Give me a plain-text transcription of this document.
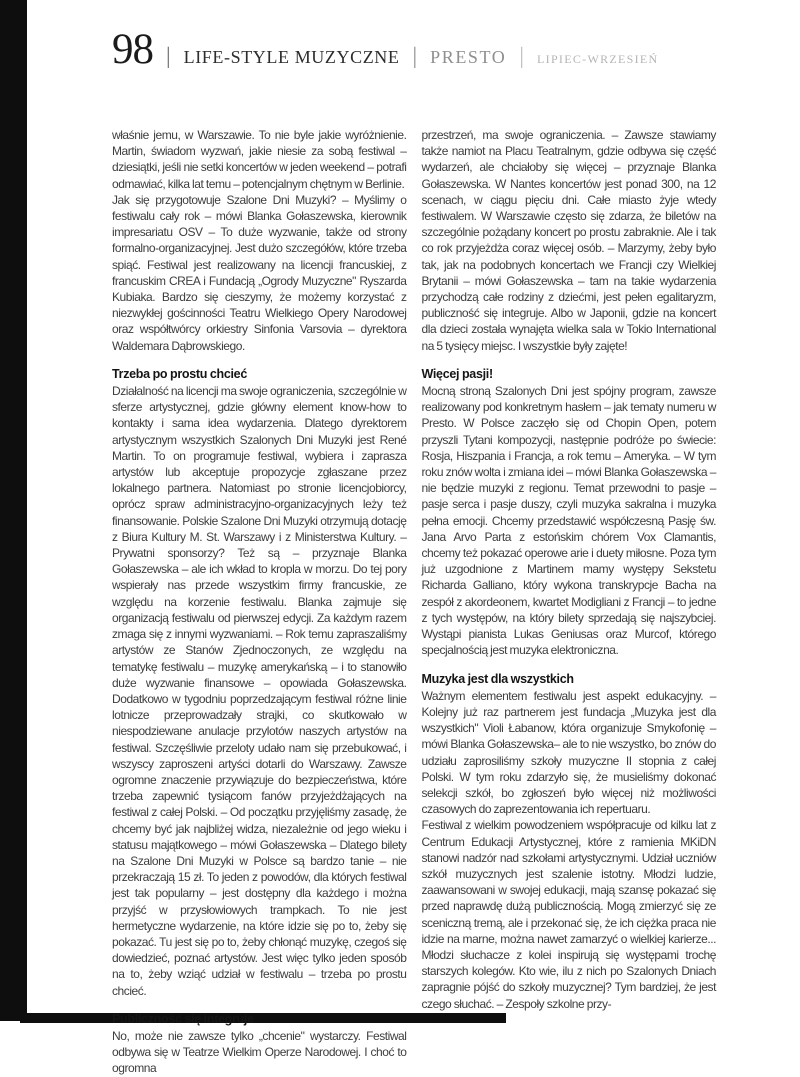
98 | LIFE-STYLE MUZYCZNE | PRESTO | LIPIEC-WRZESIEŃ

właśnie jemu, w Warszawie. To nie byle jakie wyróżnienie. Martin, świadom wyzwań, jakie niesie za sobą festiwal – dziesiątki, jeśli nie setki koncertów w jeden weekend – potrafi odmawiać, kilka lat temu – potencjalnym chętnym w Berlinie.

Jak się przygotowuje Szalone Dni Muzyki? – Myślimy o festiwalu cały rok – mówi Blanka Gołaszewska, kierownik impresariatu OSV – To duże wyzwanie, także od strony formalno-organizacyjnej. Jest dużo szczegółów, które trzeba spiąć. Festiwal jest realizowany na licencji francuskiej, z francuskim CREA i Fundacją „Ogrody Muzyczne" Ryszarda Kubiaka. Bardzo się cieszymy, że możemy korzystać z niezwykłej gościnności Teatru Wielkiego Opery Narodowej oraz współtwórcy orkiestry Sinfonia Varsovia – dyrektora Waldemara Dąbrowskiego.

Trzeba po prostu chcieć

Działalność na licencji ma swoje ograniczenia, szczególnie w sferze artystycznej, gdzie główny element know-how to kontakty i sama idea wydarzenia. Dlatego dyrektorem artystycznym wszystkich Szalonych Dni Muzyki jest René Martin. To on programuje festiwal, wybiera i zaprasza artystów lub akceptuje propozycje zgłaszane przez lokalnego partnera. Natomiast po stronie licencjobiorcy, oprócz spraw administracyjno-organizacyjnych leży też finansowanie. Polskie Szalone Dni Muzyki otrzymują dotację z Biura Kultury M. St. Warszawy i z Ministerstwa Kultury. – Prywatni sponsorzy? Też są – przyznaje Blanka Gołaszewska – ale ich wkład to kropla w morzu. Do tej pory wspierały nas przede wszystkim firmy francuskie, ze względu na korzenie festiwalu. Blanka zajmuje się organizacją festiwalu od pierwszej edycji. Za każdym razem zmaga się z innymi wyzwaniami. – Rok temu zapraszaliśmy artystów ze Stanów Zjednoczonych, ze względu na tematykę festiwalu – muzykę amerykańską – i to stanowiło duże wyzwanie finansowe – opowiada Gołaszewska. Dodatkowo w tygodniu poprzedzającym festiwal różne linie lotnicze przeprowadzały strajki, co skutkowało w niespodziewane anulacje przylotów naszych artystów na festiwal. Szczęśliwie przeloty udało nam się przebukować, i wszyscy zaproszeni artyści dotarli do Warszawy. Zawsze ogromne znaczenie przywiązuje do bezpieczeństwa, które trzeba zapewnić tysiącom fanów przyjeżdżających na festiwal z całej Polski. – Od początku przyjęliśmy zasadę, że chcemy być jak najbliżej widza, niezależnie od jego wieku i statusu majątkowego – mówi Gołaszewska – Dlatego bilety na Szalone Dni Muzyki w Polsce są bardzo tanie – nie przekraczają 15 zł. To jeden z powodów, dla których festiwal jest tak popularny – jest dostępny dla każdego i można przyjść w przysłowiowych trampkach. To nie jest hermetyczne wydarzenie, na które idzie się po to, żeby się pokazać. Tu jest się po to, żeby chłonąć muzykę, czegoś się dowiedzieć, poznać artystów. Jest więc tylko jeden sposób na to, żeby wziąć udział w festiwalu – trzeba po prostu chcieć.

Publiczność się integruje

No, może nie zawsze tylko „chcenie" wystarczy. Festiwal odbywa się w Teatrze Wielkim Operze Narodowej. I choć to ogromna

przestrzeń, ma swoje ograniczenia. – Zawsze stawiamy także namiot na Placu Teatralnym, gdzie odbywa się część wydarzeń, ale chciałoby się więcej – przyznaje Blanka Gołaszewska. W Nantes koncertów jest ponad 300, na 12 scenach, w ciągu pięciu dni. Całe miasto żyje wtedy festiwalem. W Warszawie często się zdarza, że biletów na szczególnie pożądany koncert po prostu zabraknie. Ale i tak co rok przyjeżdża coraz więcej osób. – Marzymy, żeby było tak, jak na podobnych koncertach we Francji czy Wielkiej Brytanii – mówi Gołaszewska – tam na takie wydarzenia przychodzą całe rodziny z dziećmi, jest pełen egalitaryzm, publiczność się integruje. Albo w Japonii, gdzie na koncert dla dzieci została wynajęta wielka sala w Tokio International na 5 tysięcy miejsc. I wszystkie były zajęte!

Więcej pasji!

Mocną stroną Szalonych Dni jest spójny program, zawsze realizowany pod konkretnym hasłem – jak tematy numeru w Presto. W Polsce zaczęło się od Chopin Open, potem przyszli Tytani kompozycji, następnie podróże po świecie: Rosja, Hiszpania i Francja, a rok temu – Ameryka. – W tym roku znów wolta i zmiana idei – mówi Blanka Gołaszewska – nie będzie muzyki z regionu. Temat przewodni to pasje – pasje serca i pasje duszy, czyli muzyka sakralna i muzyka pełna emocji. Chcemy przedstawić współczesną Pasję św. Jana Arvo Parta z estońskim chórem Vox Clamantis, chcemy też pokazać operowe arie i duety miłosne. Poza tym już uzgodnione z Martinem mamy występy Sekstetu Richarda Galliano, który wykona transkrypcje Bacha na zespół z akordeonem, kwartet Modigliani z Francji – to jedne z tych występów, na który bilety sprzedają się najszybciej. Wystąpi pianista Lukas Geniusas oraz Murcof, którego specjalnością jest muzyka elektroniczna.

Muzyka jest dla wszystkich

Ważnym elementem festiwalu jest aspekt edukacyjny. – Kolejny już raz partnerem jest fundacja „Muzyka jest dla wszystkich" Violi Łabanow, która organizuje Smykofonię – mówi Blanka Gołaszewska– ale to nie wszystko, bo znów do udziału zaprosiliśmy szkoły muzyczne II stopnia z całej Polski. W tym roku zdarzyło się, że musieliśmy dokonać selekcji szkół, bo zgłoszeń było więcej niż możliwości czasowych do zaprezentowania ich repertuaru.

Festiwal z wielkim powodzeniem współpracuje od kilku lat z Centrum Edukacji Artystycznej, które z ramienia MKiDN stanowi nadzór nad szkołami artystycznymi. Udział uczniów szkół muzycznych jest szalenie istotny. Młodzi ludzie, zaawansowani w swojej edukacji, mają szansę pokazać się przed naprawdę dużą publicznością. Mogą zmierzyć się ze sceniczną tremą, ale i przekonać się, że ich ciężka praca nie idzie na marne, można nawet zamarzyć o wielkiej karierze... Młodzi słuchacze z kolei inspirują się występami trochę starszych kolegów. Kto wie, ilu z nich po Szalonych Dniach zapragnie pójść do szkoły muzycznej? Tym bardziej, że jest czego słuchać. – Zespoły szkolne przy-
